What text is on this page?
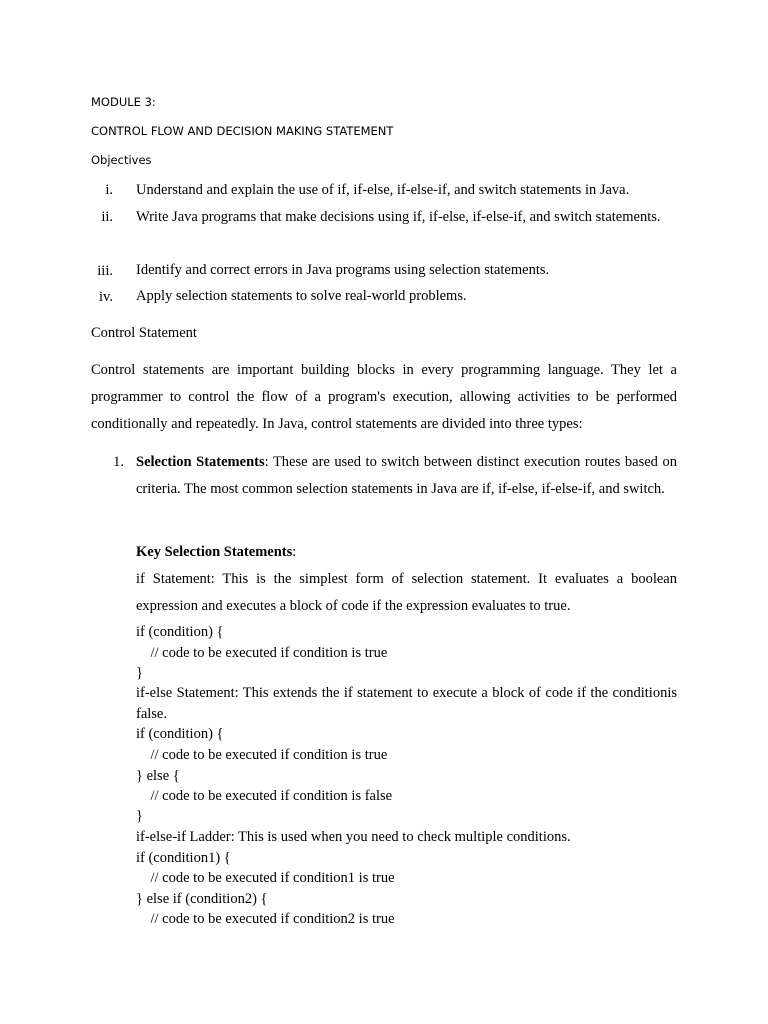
MODULE 3:
CONTROL FLOW AND DECISION MAKING STATEMENT
Objectives
i. Understand and explain the use of if, if-else, if-else-if, and switch statements in Java.
ii. Write Java programs that make decisions using if, if-else, if-else-if, and switch statements.
iii. Identify and correct errors in Java programs using selection statements.
iv. Apply selection statements to solve real-world problems.
Control Statement
Control statements are important building blocks in every programming language. They let a programmer to control the flow of a program's execution, allowing activities to be performed conditionally and repeatedly. In Java, control statements are divided into three types:
1. Selection Statements: These are used to switch between distinct execution routes based on criteria. The most common selection statements in Java are if, if-else, if-else-if, and switch.
Key Selection Statements:
if Statement: This is the simplest form of selection statement. It evaluates a boolean expression and executes a block of code if the expression evaluates to true.
if (condition) {
// code to be executed if condition is true
}
if-else Statement: This extends the if statement to execute a block of code if the conditionis false.
if (condition) {
// code to be executed if condition is true
} else {
// code to be executed if condition is false
}
if-else-if Ladder: This is used when you need to check multiple conditions.
if (condition1) {
// code to be executed if condition1 is true
} else if (condition2) {
// code to be executed if condition2 is true
